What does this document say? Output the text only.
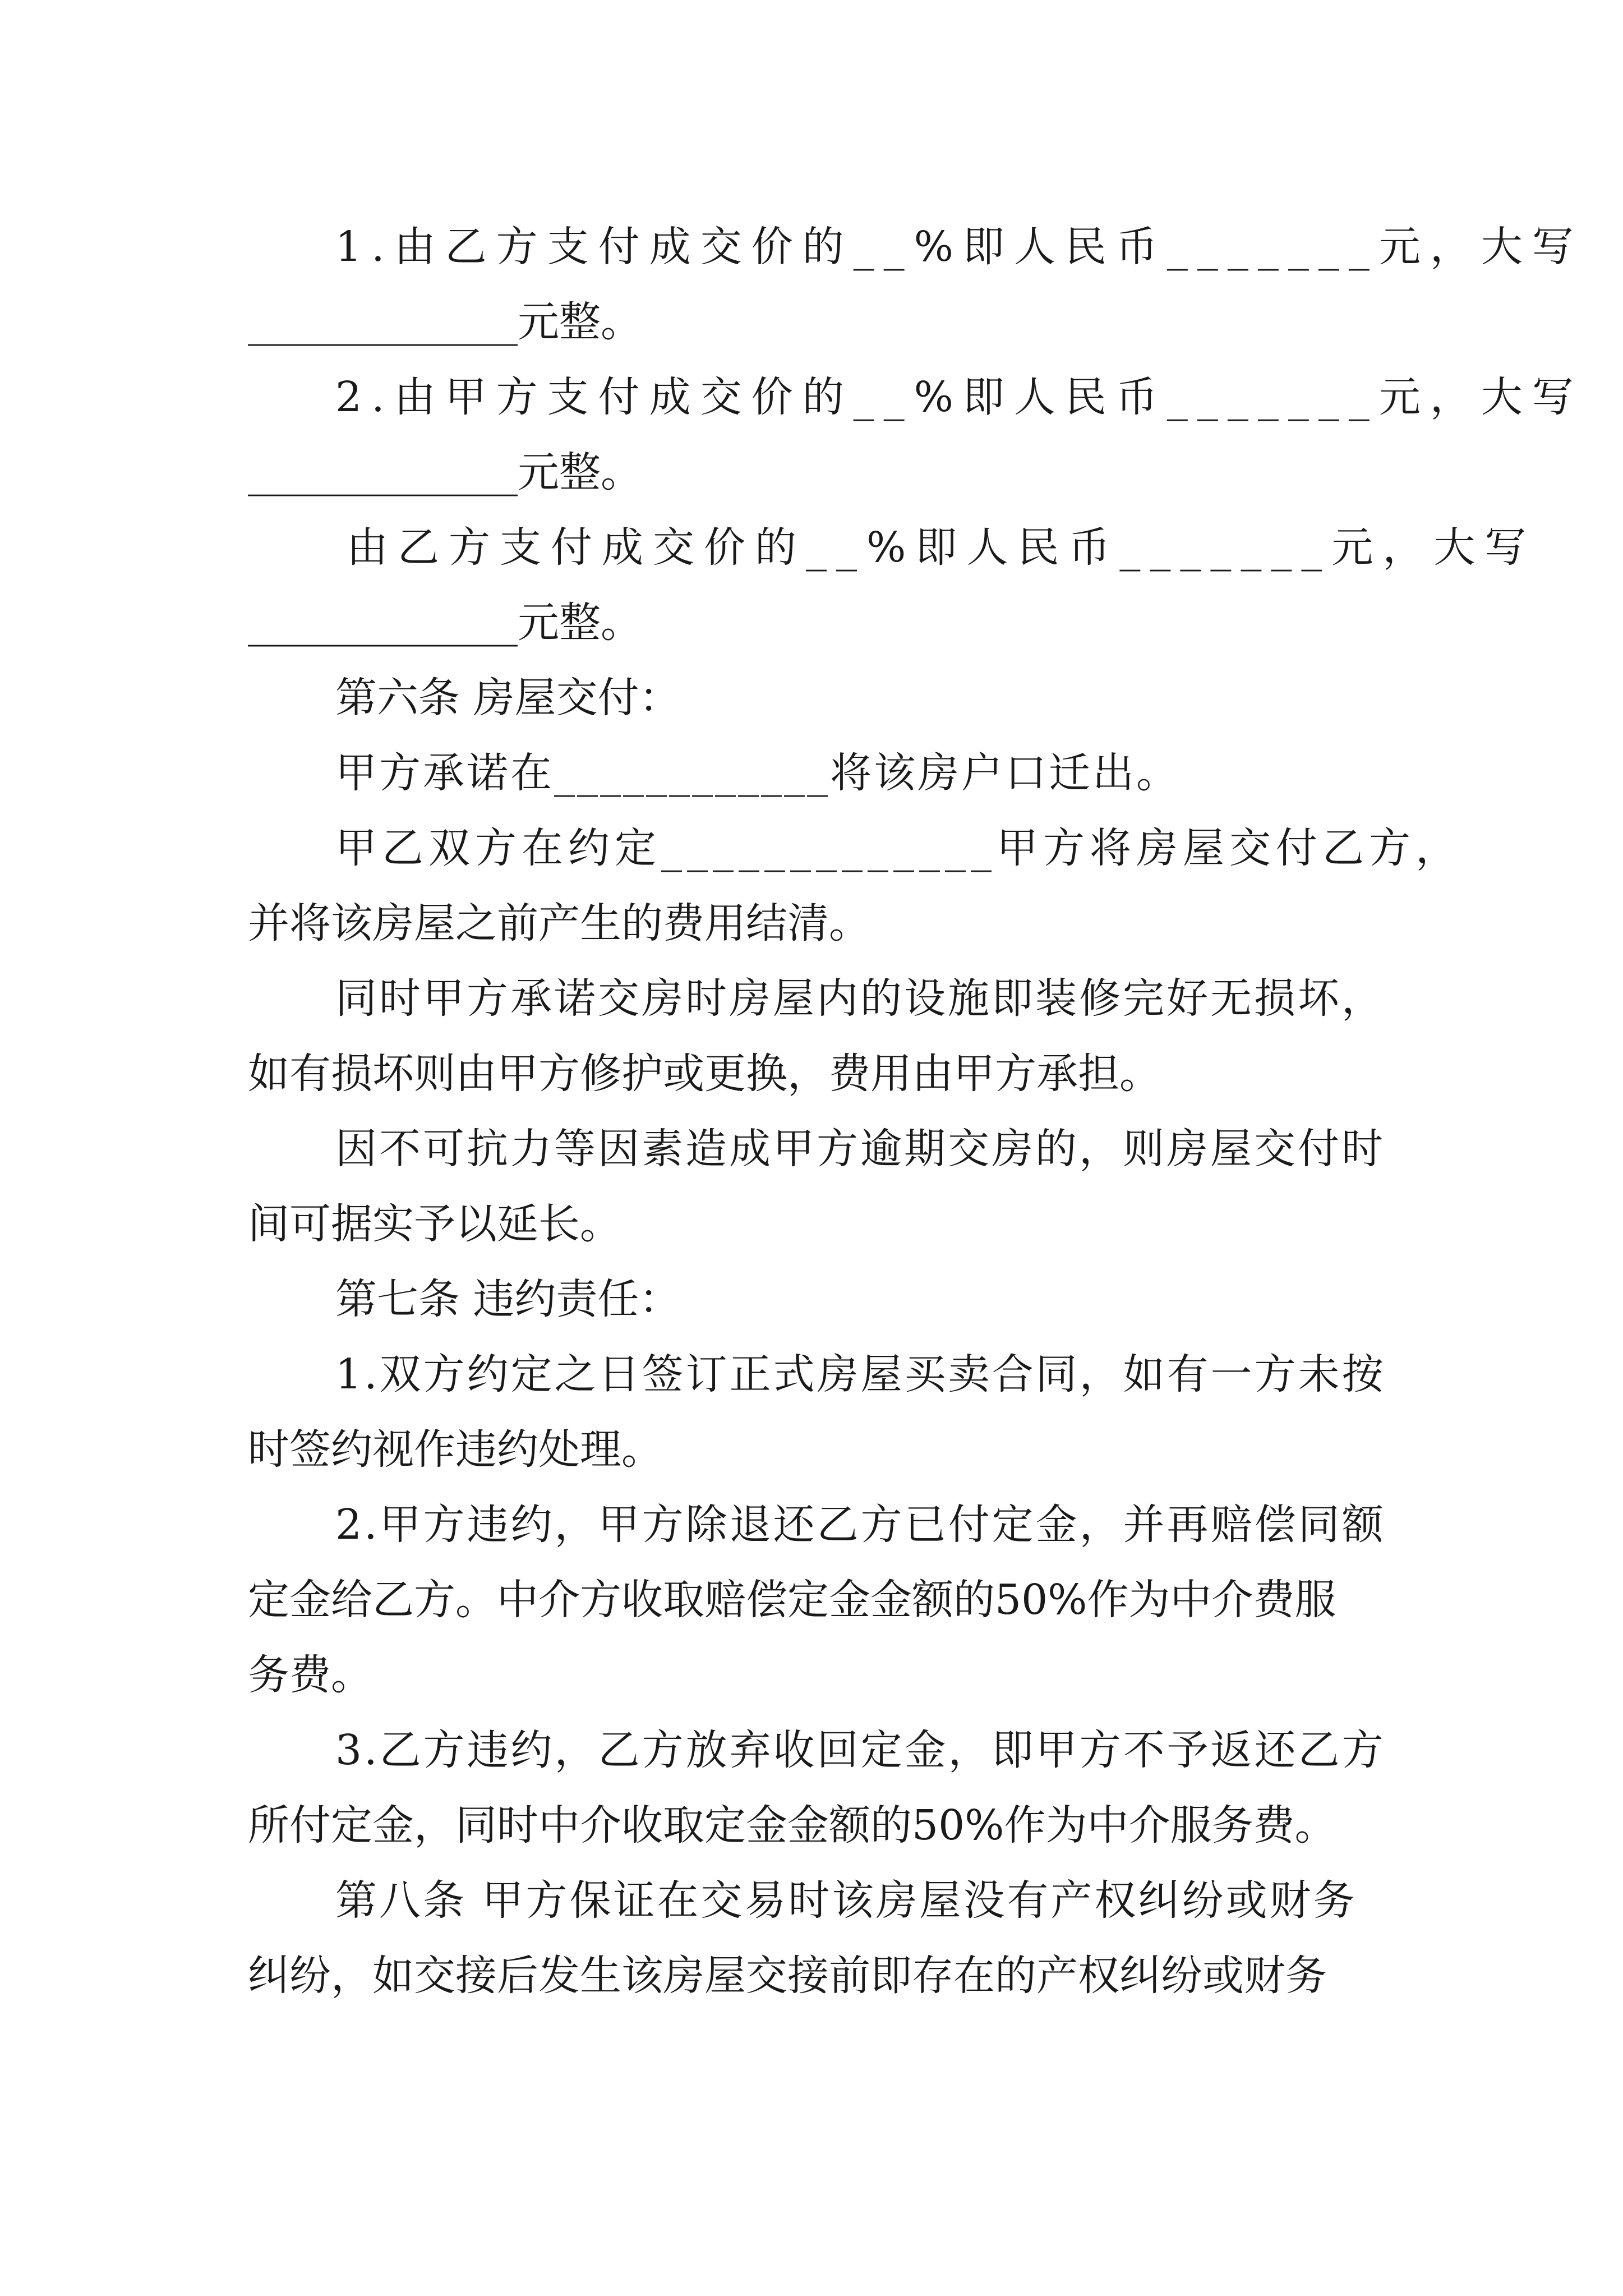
1.由乙方支付成交价的__%即人民币_______元，大写
_____________元整。
2.由甲方支付成交价的__%即人民币_______元，大写
_____________元整。
由乙方支付成交价的__%即人民币_______元，大写
_____________元整。
第六条 房屋交付：
甲方承诺在____________将该房户口迁出。
甲乙双方在约定_____________甲方将房屋交付乙方，
并将该房屋之前产生的费用结清。
同时甲方承诺交房时房屋内的设施即装修完好无损坏，
如有损坏则由甲方修护或更换，费用由甲方承担。
因不可抗力等因素造成甲方逾期交房的，则房屋交付时
间可据实予以延长。
第七条 违约责任：
1.双方约定之日签订正式房屋买卖合同，如有一方未按
时签约视作违约处理。
2.甲方违约，甲方除退还乙方已付定金，并再赔偿同额
定金给乙方。中介方收取赔偿定金金额的50%作为中介费服
务费。
3.乙方违约，乙方放弃收回定金，即甲方不予返还乙方
所付定金，同时中介收取定金金额的50%作为中介服务费。
第八条 甲方保证在交易时该房屋没有产权纠纷或财务
纠纷，如交接后发生该房屋交接前即存在的产权纠纷或财务
